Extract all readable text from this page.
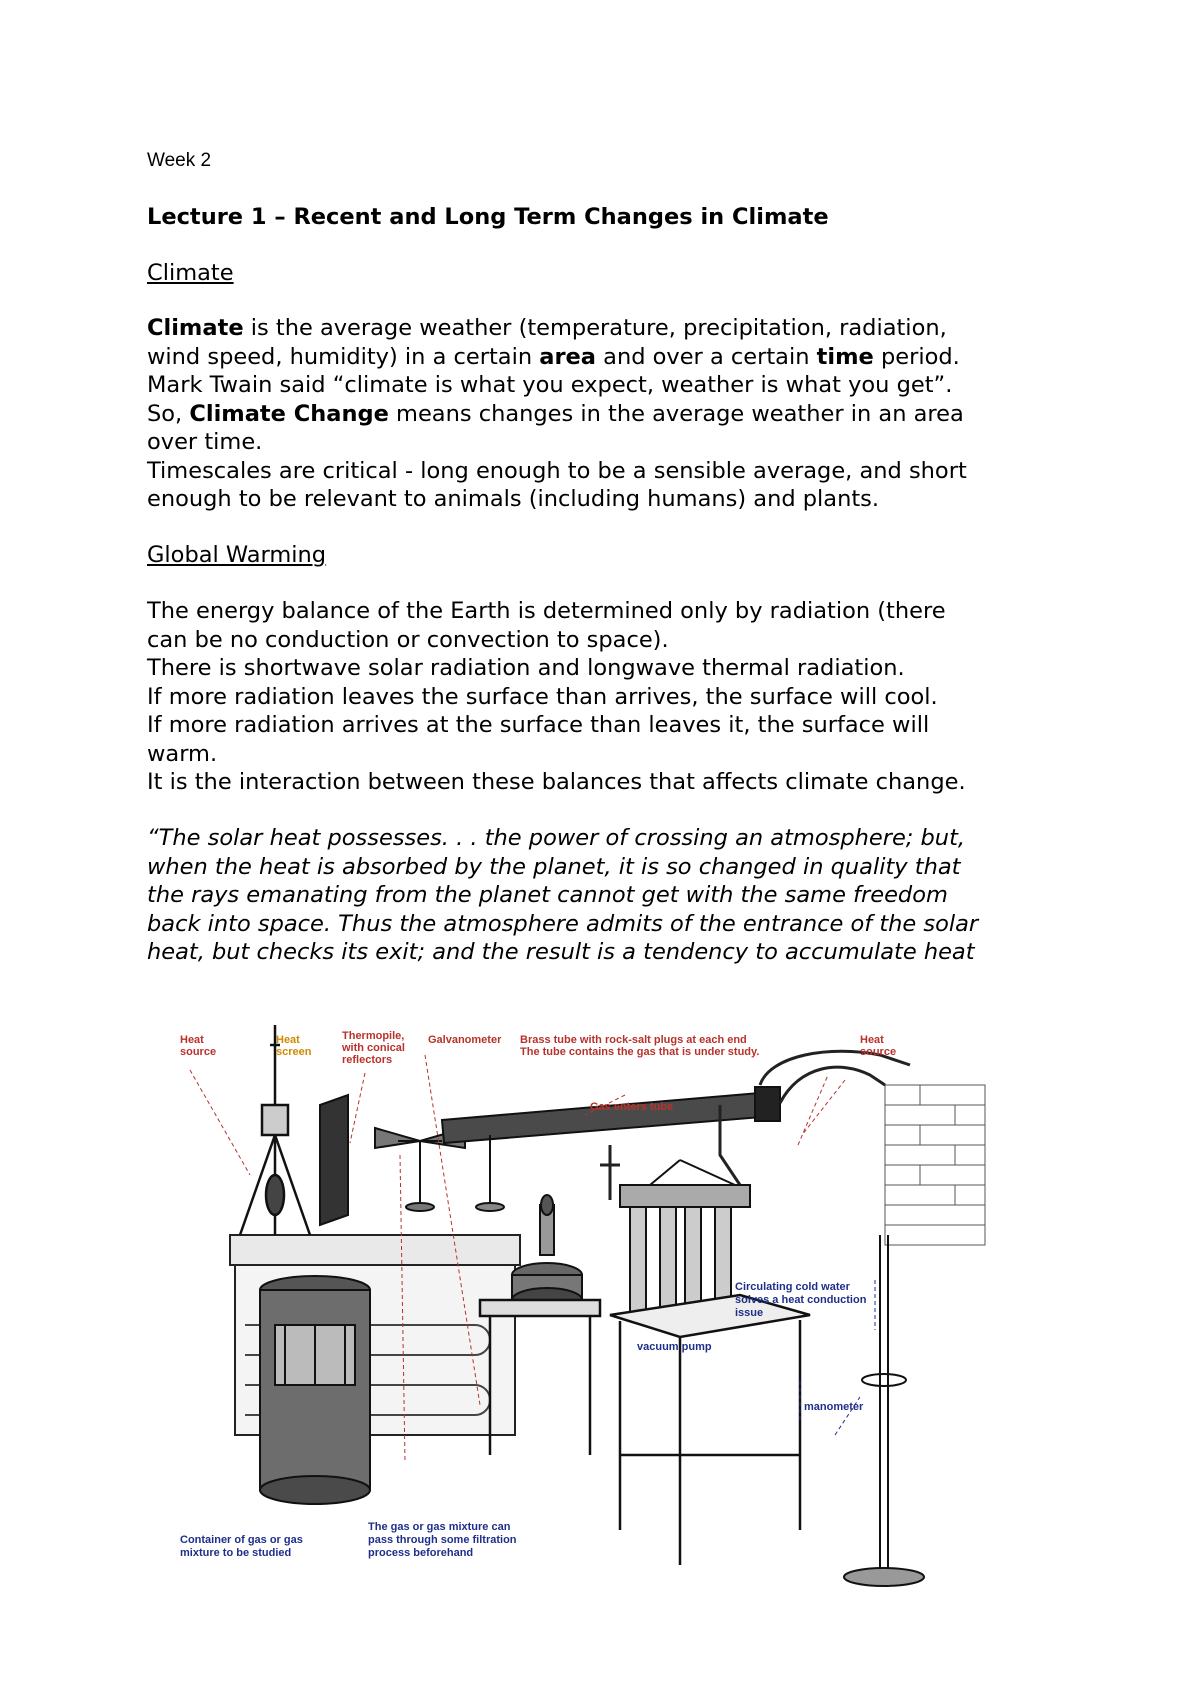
Week 2
Lecture 1 – Recent and Long Term Changes in Climate
Climate
Climate is the average weather (temperature, precipitation, radiation,
wind speed, humidity) in a certain area and over a certain time period.
Mark Twain said “climate is what you expect, weather is what you get”.
So, Climate Change means changes in the average weather in an area
over time.
Timescales are critical - long enough to be a sensible average, and short
enough to be relevant to animals (including humans) and plants.
Global Warming
The energy balance of the Earth is determined only by radiation (there
can be no conduction or convection to space).
There is shortwave solar radiation and longwave thermal radiation.
If more radiation leaves the surface than arrives, the surface will cool.
If more radiation arrives at the surface than leaves it, the surface will
warm.
It is the interaction between these balances that affects climate change.
“The solar heat possesses. . . the power of crossing an atmosphere; but,
when the heat is absorbed by the planet, it is so changed in quality that
the rays emanating from the planet cannot get with the same freedom
back into space. Thus the atmosphere admits of the entrance of the solar
heat, but checks its exit; and the result is a tendency to accumulate heat
Heat
source
Heat
screen
Thermopile,
with conical
reflectors
Galvanometer Brass tube with rock-salt plugs at each end
The tube contains the gas that is under study.
Gas enters tube
Heat
source
Circulating cold water
solves a heat conduction
issue
vacuum pump
manometer
Container of gas or gas
mixture to be studied
The gas or gas mixture can
pass through some filtration
process beforehand
